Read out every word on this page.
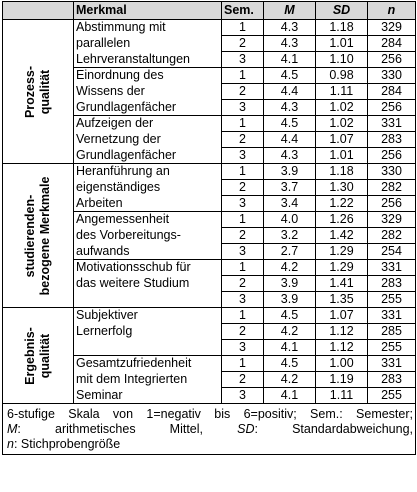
	Merkmal	Sem.	M	SD	n

Prozess- qualität	Abstimmung mit	1	4.3	1.18	329
	parallelen	2	4.3	1.01	284
	Lehrveranstaltungen	3	4.1	1.10	256
	Einordnung des	1	4.5	0.98	330
	Wissens der	2	4.4	1.11	284
	Grundlagenfächer	3	4.3	1.02	256
	Aufzeigen der	1	4.5	1.02	331
	Vernetzung der	2	4.4	1.07	283
	Grundlagenfächer	3	4.3	1.01	256

studierenden- bezogene Merkmale	Heranführung an	1	3.9	1.18	330
	eigenständiges	2	3.7	1.30	282
	Arbeiten	3	3.4	1.22	256
	Angemessenheit	1	4.0	1.26	329
	des Vorbereitungs-	2	3.2	1.42	282
	aufwands	3	2.7	1.29	254
	Motivationsschub für	1	4.2	1.29	331
	das weitere Studium	2	3.9	1.41	283
		3	3.9	1.35	255

Ergebnis- qualität	Subjektiver	1	4.5	1.07	331
	Lernerfolg	2	4.2	1.12	285
		3	4.1	1.12	255
	Gesamtzufriedenheit	1	4.5	1.00	331
	mit dem Integrierten	2	4.2	1.19	283
	Seminar	3	4.1	1.11	255

6-stufige Skala von 1=negativ bis 6=positiv; Sem.: Semester;
M: arithmetisches Mittel, SD: Standardabweichung,
n: Stichprobengröße					
